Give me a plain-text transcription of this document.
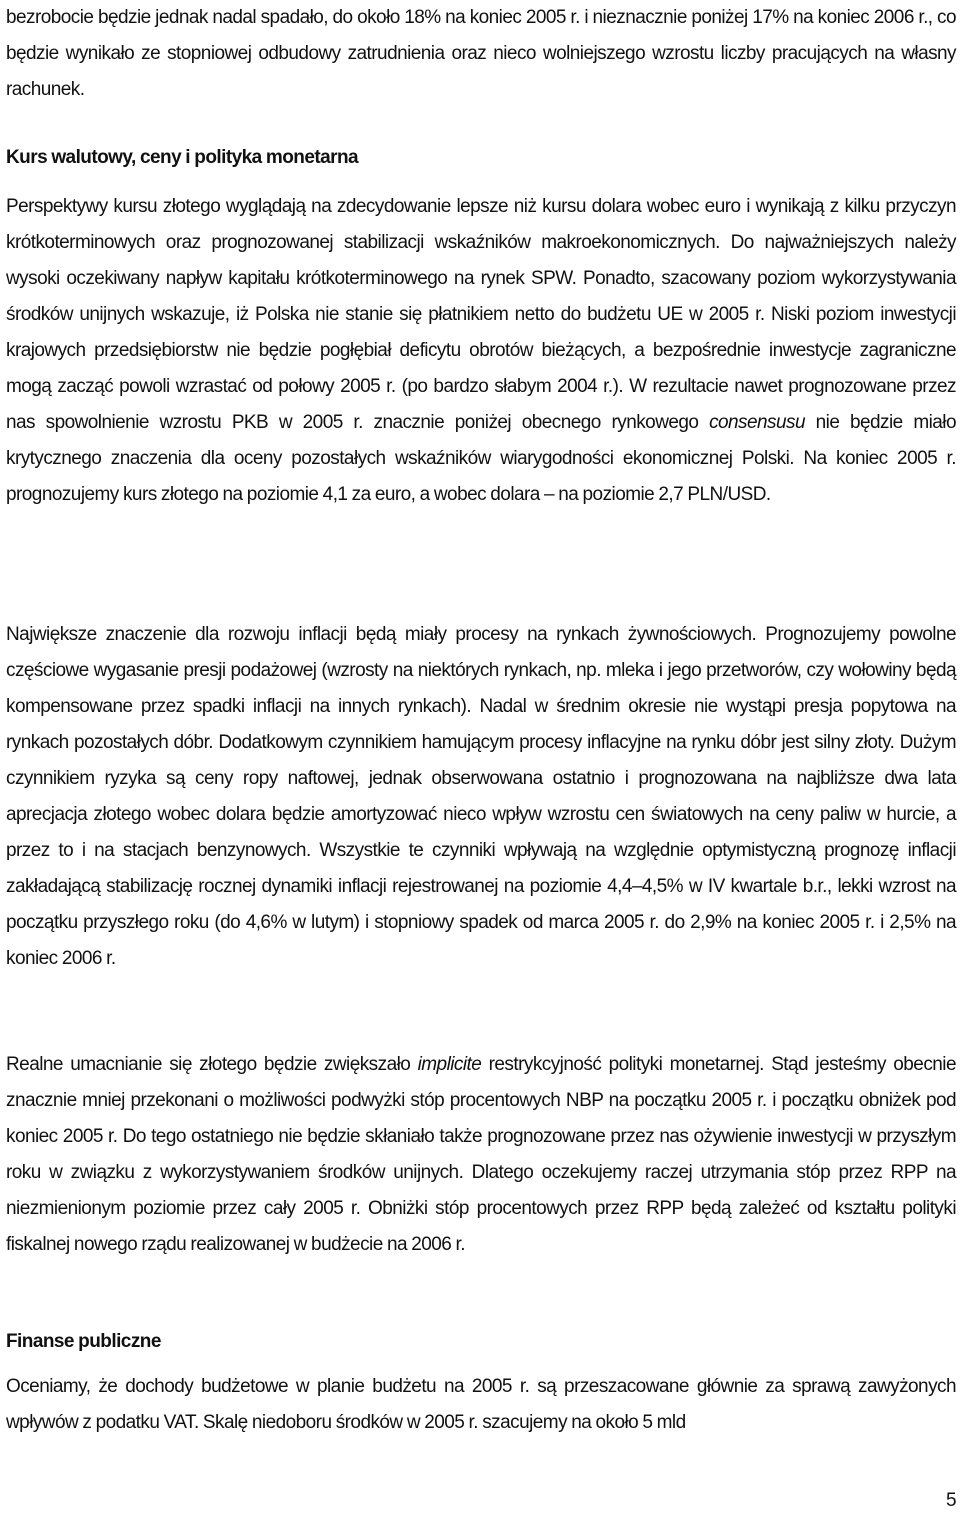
bezrobocie będzie jednak nadal spadało, do około 18% na koniec 2005 r. i nieznacznie poniżej 17% na koniec 2006 r., co będzie wynikało ze stopniowej odbudowy zatrudnienia oraz nieco wolniejszego wzrostu liczby pracujących na własny rachunek.

Kurs walutowy, ceny i polityka monetarna

Perspektywy kursu złotego wyglądają na zdecydowanie lepsze niż kursu dolara wobec euro i wynikają z kilku przyczyn krótkoterminowych oraz prognozowanej stabilizacji wskaźników makroekonomicznych. Do najważniejszych należy wysoki oczekiwany napływ kapitału krótkoterminowego na rynek SPW. Ponadto, szacowany poziom wykorzystywania środków unijnych wskazuje, iż Polska nie stanie się płatnikiem netto do budżetu UE w 2005 r. Niski poziom inwestycji krajowych przedsiębiorstw nie będzie pogłębiał deficytu obrotów bieżących, a bezpośrednie inwestycje zagraniczne mogą zacząć powoli wzrastać od połowy 2005 r. (po bardzo słabym 2004 r.). W rezultacie nawet prognozowane przez nas spowolnienie wzrostu PKB w 2005 r. znacznie poniżej obecnego rynkowego consensusu nie będzie miało krytycznego znaczenia dla oceny pozostałych wskaźników wiarygodności ekonomicznej Polski. Na koniec 2005 r. prognozujemy kurs złotego na poziomie 4,1 za euro, a wobec dolara – na poziomie 2,7 PLN/USD.

Największe znaczenie dla rozwoju inflacji będą miały procesy na rynkach żywnościowych. Prognozujemy powolne częściowe wygasanie presji podażowej (wzrosty na niektórych rynkach, np. mleka i jego przetworów, czy wołowiny będą kompensowane przez spadki inflacji na innych rynkach). Nadal w średnim okresie nie wystąpi presja popytowa na rynkach pozostałych dóbr. Dodatkowym czynnikiem hamującym procesy inflacyjne na rynku dóbr jest silny złoty. Dużym czynnikiem ryzyka są ceny ropy naftowej, jednak obserwowana ostatnio i prognozowana na najbliższe dwa lata aprecjacja złotego wobec dolara będzie amortyzować nieco wpływ wzrostu cen światowych na ceny paliw w hurcie, a przez to i na stacjach benzynowych. Wszystkie te czynniki wpływają na względnie optymistyczną prognozę inflacji zakładającą stabilizację rocznej dynamiki inflacji rejestrowanej na poziomie 4,4–4,5% w IV kwartale b.r., lekki wzrost na początku przyszłego roku (do 4,6% w lutym) i stopniowy spadek od marca 2005 r. do 2,9% na koniec 2005 r. i 2,5% na koniec 2006 r.

Realne umacnianie się złotego będzie zwiększało implicite restrykcyjność polityki monetarnej. Stąd jesteśmy obecnie znacznie mniej przekonani o możliwości podwyżki stóp procentowych NBP na początku 2005 r. i początku obniżek pod koniec 2005 r. Do tego ostatniego nie będzie skłaniało także prognozowane przez nas ożywienie inwestycji w przyszłym roku w związku z wykorzystywaniem środków unijnych. Dlatego oczekujemy raczej utrzymania stóp przez RPP na niezmienionym poziomie przez cały 2005 r. Obniżki stóp procentowych przez RPP będą zależeć od kształtu polityki fiskalnej nowego rządu realizowanej w budżecie na 2006 r.

Finanse publiczne

Oceniamy, że dochody budżetowe w planie budżetu na 2005 r. są przeszacowane głównie za sprawą zawyżonych wpływów z podatku VAT. Skalę niedoboru środków w 2005 r. szacujemy na około 5 mld

5
